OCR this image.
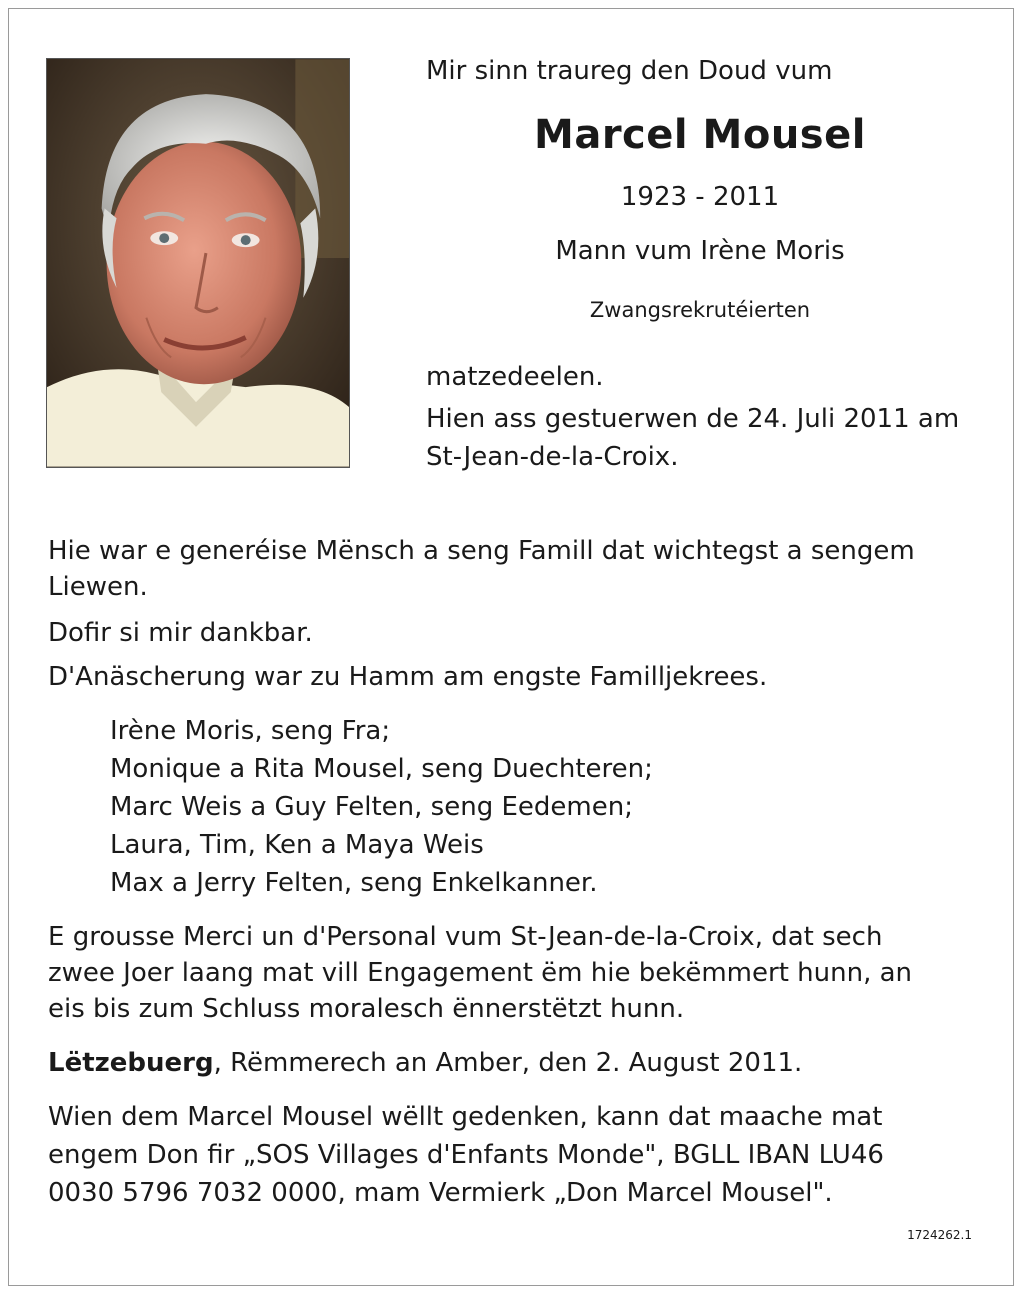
Mir sinn traureg den Doud vum
Marcel Mousel
1923 - 2011
Mann vum Irène Moris
Zwangsrekrutéierten
matzedeelen.
Hien ass gestuerwen de 24. Juli 2011 am
St-Jean-de-la-Croix.
Hie war e generéise Mënsch a seng Famill dat wichtegst a sengem
Liewen.
Dofir si mir dankbar.
D'Anäscherung war zu Hamm am engste Familljekrees.
Irène Moris, seng Fra;
Monique a Rita Mousel, seng Duechteren;
Marc Weis a Guy Felten, seng Eedemen;
Laura, Tim, Ken a Maya Weis
Max a Jerry Felten, seng Enkelkanner.
E grousse Merci un d'Personal vum St-Jean-de-la-Croix, dat sech
zwee Joer laang mat vill Engagement ëm hie bekëmmert hunn, an
eis bis zum Schluss moralesch ënnerstëtzt hunn.
Lëtzebuerg, Rëmmerech an Amber, den 2. August 2011.
Wien dem Marcel Mousel wëllt gedenken, kann dat maache mat
engem Don fir „SOS Villages d'Enfants Monde", BGLL IBAN LU46
0030 5796 7032 0000, mam Vermierk „Don Marcel Mousel".
1724262.1
